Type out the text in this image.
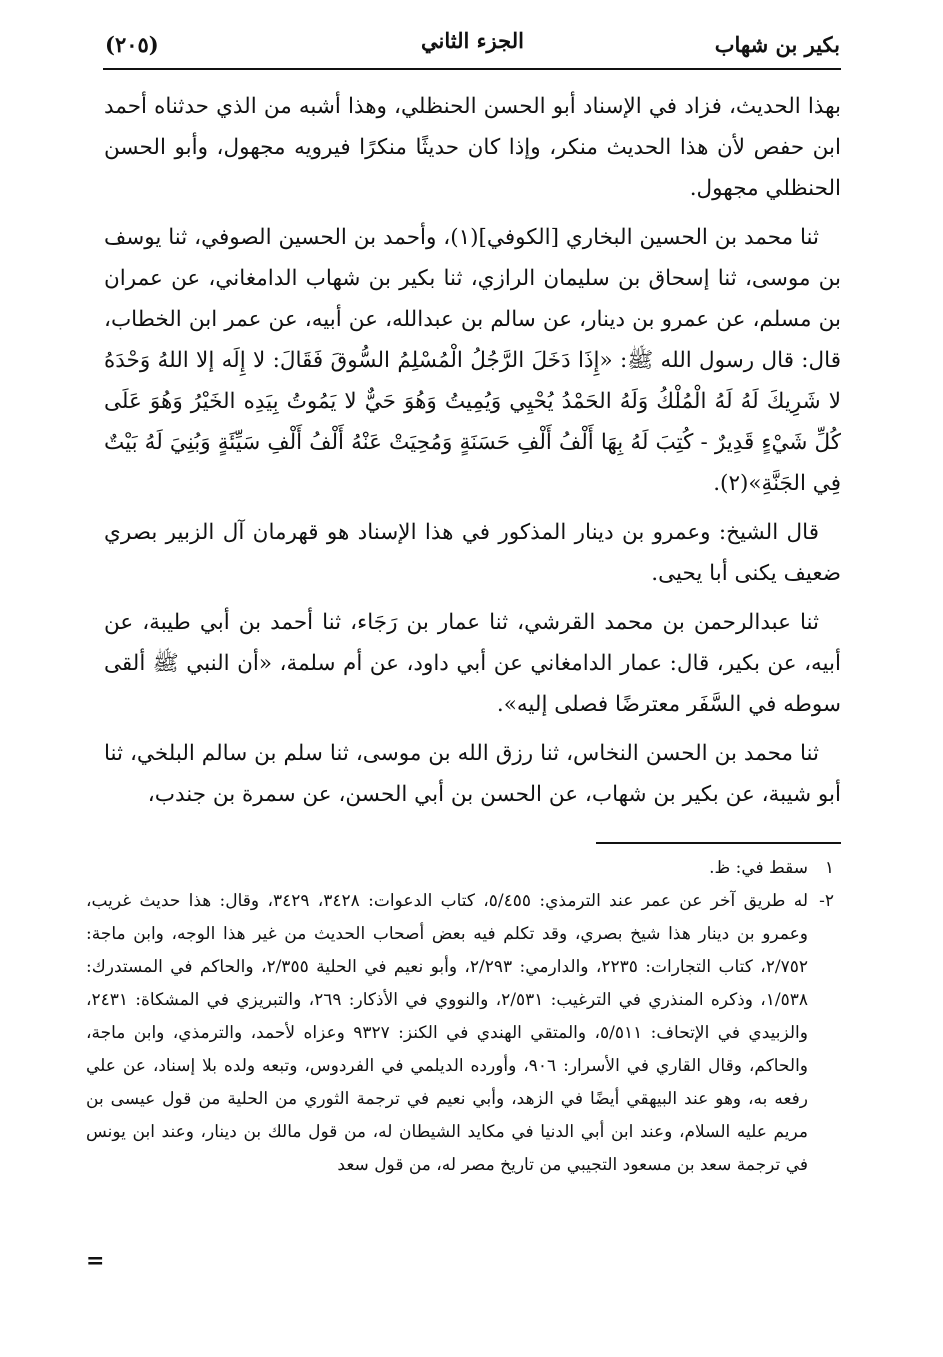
(٢٠٥)	الجزء الثاني	بكير بن شهاب

بهذا الحديث، فزاد في الإسناد أبو الحسن الحنظلي، وهذا أشبه من الذي حدثناه أحمد ابن حفص لأن هذا الحديث منكر، وإذا كان حديثًا منكرًا فيرويه مجهول، وأبو الحسن الحنظلي مجهول.

ثنا محمد بن الحسين البخاري [الكوفي](١)، وأحمد بن الحسين الصوفي، ثنا يوسف بن موسى، ثنا إسحاق بن سليمان الرازي، ثنا بكير بن شهاب الدامغاني، عن عمران بن مسلم، عن عمرو بن دينار، عن سالم بن عبدالله، عن أبيه، عن عمر ابن الخطاب، قال: قال رسول الله ﷺ: «إِذَا دَخَلَ الرَّجُلُ الْمُسْلِمُ السُّوقَ فَقَالَ: لا إِلَه إلا اللهُ وَحْدَهُ لا شَرِيكَ لَهُ لَهُ الْمُلْكُ وَلَهُ الحَمْدُ يُحْيِي وَيُمِيتُ وَهُوَ حَيٌّ لا يَمُوتُ بِيَدِه الخَيْرُ وَهُوَ عَلَى كُلِّ شَيْءٍ قَدِيرٌ - كُتِبَ لَهُ بِهَا أَلْفُ أَلْفِ حَسَنَةٍ وَمُحِيَتْ عَنْهُ أَلْفُ أَلْفِ سَيِّئَةٍ وَبُنِيَ لَهُ بَيْتٌ فِي الجَنَّةِ»(٢).

قال الشيخ: وعمرو بن دينار المذكور في هذا الإسناد هو قهرمان آل الزبير بصري ضعيف يكنى أبا يحيى.

ثنا عبدالرحمن بن محمد القرشي، ثنا عمار بن رَجَاء، ثنا أحمد بن أبي طيبة، عن أبيه، عن بكير، قال: عمار الدامغاني عن أبي داود، عن أم سلمة، «أن النبي ﷺ ألقى سوطه في السَّفَر معترضًا فصلى إليه».

ثنا محمد بن الحسن النخاس، ثنا رزق الله بن موسى، ثنا سلم بن سالم البلخي، ثنا أبو شيبة، عن بكير بن شهاب، عن الحسن بن أبي الحسن، عن سمرة بن جندب،

١
سقط في: ظ.
٢-
له طريق آخر عن عمر عند الترمذي: ٥/٤٥٥، كتاب الدعوات: ٣٤٢٨، ٣٤٢٩، وقال: هذا حديث غريب، وعمرو بن دينار هذا شيخ بصري، وقد تكلم فيه بعض أصحاب الحديث من غير هذا الوجه، وابن ماجة: ٢/٧٥٢، كتاب التجارات: ٢٢٣٥، والدارمي: ٢/٢٩٣، وأبو نعيم في الحلية ٢/٣٥٥، والحاكم في المستدرك: ١/٥٣٨، وذكره المنذري في الترغيب: ٢/٥٣١، والنووي في الأذكار: ٢٦٩، والتبريزي في المشكاة: ٢٤٣١، والزبيدي في الإتحاف: ٥/٥١١، والمتقي الهندي في الكنز: ٩٣٢٧ وعزاه لأحمد، والترمذي، وابن ماجة، والحاكم، وقال القاري في الأسرار: ٩٠٦، وأورده الديلمي في الفردوس، وتبعه ولده بلا إسناد، عن علي رفعه به، وهو عند البيهقي أيضًا في الزهد، وأبي نعيم في ترجمة الثوري من الحلية من قول عيسى بن مريم عليه السلام، وعند ابن أبي الدنيا في مكايد الشيطان له، من قول مالك بن دينار، وعند ابن يونس في ترجمة سعد بن مسعود التجيبي من تاريخ مصر له، من قول سعد
=
